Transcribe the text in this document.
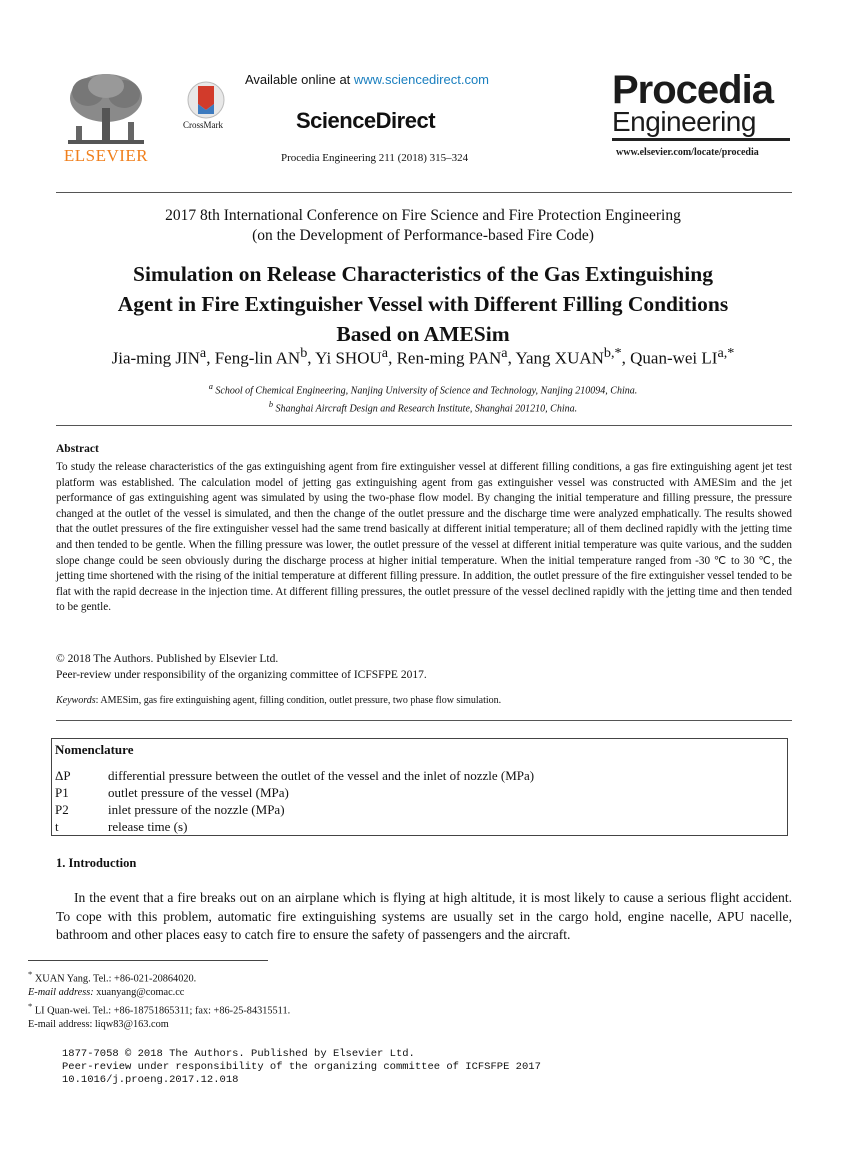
ELSEVIER
CrossMark
Available online at www.sciencedirect.com
ScienceDirect
Procedia Engineering 211 (2018) 315–324
Procedia
Engineering
www.elsevier.com/locate/procedia
2017 8th International Conference on Fire Science and Fire Protection Engineering
(on the Development of Performance-based Fire Code)
Simulation on Release Characteristics of the Gas Extinguishing
Agent in Fire Extinguisher Vessel with Different Filling Conditions
Based on AMESim
Jia-ming JIN$^a$, Feng-lin $AN^b$, Yi SHOU$^a$, Ren-ming PAN$^a$, Yang $XUAN^{b,*}$, Quan-wei $LI^{a,*}$
$^a$ School of Chemical Engineering, Nanjing University of Science and Technology, Nanjing 210094, China.
$^b$ Shanghai Aircraft Design and Research Institute, Shanghai 201210, China.
Abstract
To study the release characteristics of the gas extinguishing agent from fire extinguisher vessel at different filling conditions, a gas fire extinguishing agent jet test platform was established. The calculation model of jetting gas extinguishing agent from gas extinguisher vessel was constructed with AMESim and the jet performance of gas extinguishing agent was simulated by using the two-phase flow model. By changing the initial temperature and filling pressure, the pressure changed at the outlet of the vessel is simulated, and then the change of the outlet pressure and the discharge time were analyzed emphatically. The results showed that the outlet pressures of the fire extinguisher vessel had the same trend basically at different initial temperature; all of them declined rapidly with the jetting time and then tended to be gentle. When the filling pressure was lower, the outlet pressure of the vessel at different initial temperature was quite various, and the sudden slope change could be seen obviously during the discharge process at higher initial temperature. When the initial temperature ranged from -30 ℃ to 30 ℃, the jetting time shortened with the rising of the initial temperature at different filling pressure. In addition, the outlet pressure of the fire extinguisher vessel tended to be flat with the rapid decrease in the injection time. At different filling pressures, the outlet pressure of the vessel declined rapidly with the jetting time and then tended to be gentle.
© 2018 The Authors. Published by Elsevier Ltd.
Peer-review under responsibility of the organizing committee of ICFSFPE 2017.
Keywords: AMESim, gas fire extinguishing agent, filling condition, outlet pressure, two phase flow simulation.
Nomenclature
ΔP	differential pressure between the outlet of the vessel and the inlet of nozzle (MPa)
P1	outlet pressure of the vessel (MPa)
P2	inlet pressure of the nozzle (MPa)
t	release time (s)
1. Introduction
In the event that a fire breaks out on an airplane which is flying at high altitude, it is most likely to cause a serious flight accident. To cope with this problem, automatic fire extinguishing systems are usually set in the cargo hold, engine nacelle, APU nacelle, bathroom and other places easy to catch fire to ensure the safety of passengers and the aircraft.
* XUAN Yang. Tel.: +86-021-20864020.
E-mail address: xuanyang@comac.cc
* LI Quan-wei. Tel.: +86-18751865311; fax: +86-25-84315511.
E-mail address: liqw83@163.com
1877-7058 © 2018 The Authors. Published by Elsevier Ltd.
Peer-review under responsibility of the organizing committee of ICFSFPE 2017
10.1016/j.proeng.2017.12.018
